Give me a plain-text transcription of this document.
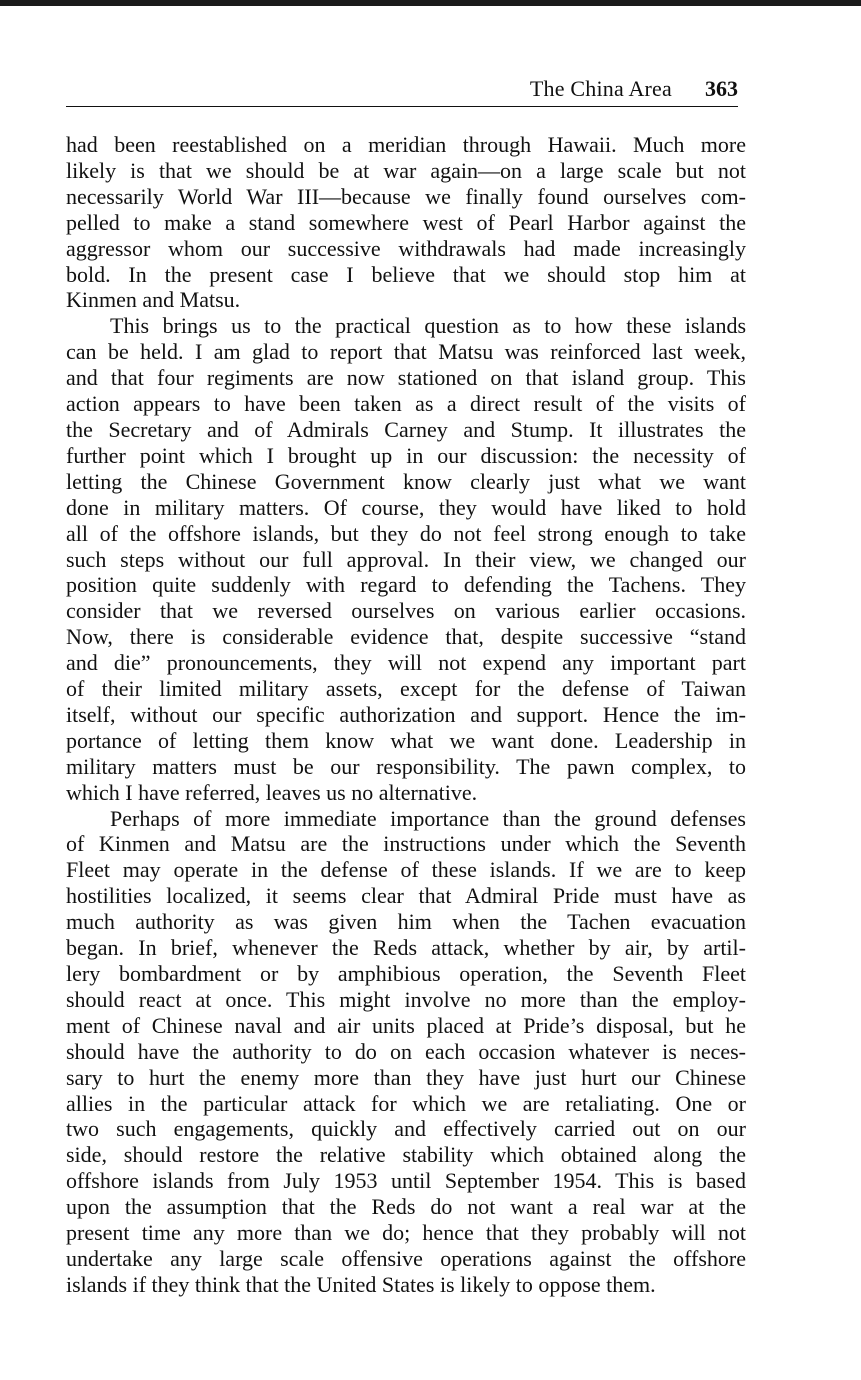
The China Area 363
had been reestablished on a meridian through Hawaii. Much more
likely is that we should be at war again—on a large scale but not
necessarily World War III—because we finally found ourselves com-
pelled to make a stand somewhere west of Pearl Harbor against the
aggressor whom our successive withdrawals had made increasingly
bold. In the present case I believe that we should stop him at
Kinmen and Matsu.
This brings us to the practical question as to how these islands
can be held. I am glad to report that Matsu was reinforced last week,
and that four regiments are now stationed on that island group. This
action appears to have been taken as a direct result of the visits of
the Secretary and of Admirals Carney and Stump. It illustrates the
further point which I brought up in our discussion: the necessity of
letting the Chinese Government know clearly just what we want
done in military matters. Of course, they would have liked to hold
all of the offshore islands, but they do not feel strong enough to take
such steps without our full approval. In their view, we changed our
position quite suddenly with regard to defending the Tachens. They
consider that we reversed ourselves on various earlier occasions.
Now, there is considerable evidence that, despite successive “stand
and die” pronouncements, they will not expend any important part
of their limited military assets, except for the defense of Taiwan
itself, without our specific authorization and support. Hence the im-
portance of letting them know what we want done. Leadership in
military matters must be our responsibility. The pawn complex, to
which I have referred, leaves us no alternative.
Perhaps of more immediate importance than the ground defenses
of Kinmen and Matsu are the instructions under which the Seventh
Fleet may operate in the defense of these islands. If we are to keep
hostilities localized, it seems clear that Admiral Pride must have as
much authority as was given him when the Tachen evacuation
began. In brief, whenever the Reds attack, whether by air, by artil-
lery bombardment or by amphibious operation, the Seventh Fleet
should react at once. This might involve no more than the employ-
ment of Chinese naval and air units placed at Pride’s disposal, but he
should have the authority to do on each occasion whatever is neces-
sary to hurt the enemy more than they have just hurt our Chinese
allies in the particular attack for which we are retaliating. One or
two such engagements, quickly and effectively carried out on our
side, should restore the relative stability which obtained along the
offshore islands from July 1953 until September 1954. This is based
upon the assumption that the Reds do not want a real war at the
present time any more than we do; hence that they probably will not
undertake any large scale offensive operations against the offshore
islands if they think that the United States is likely to oppose them.
